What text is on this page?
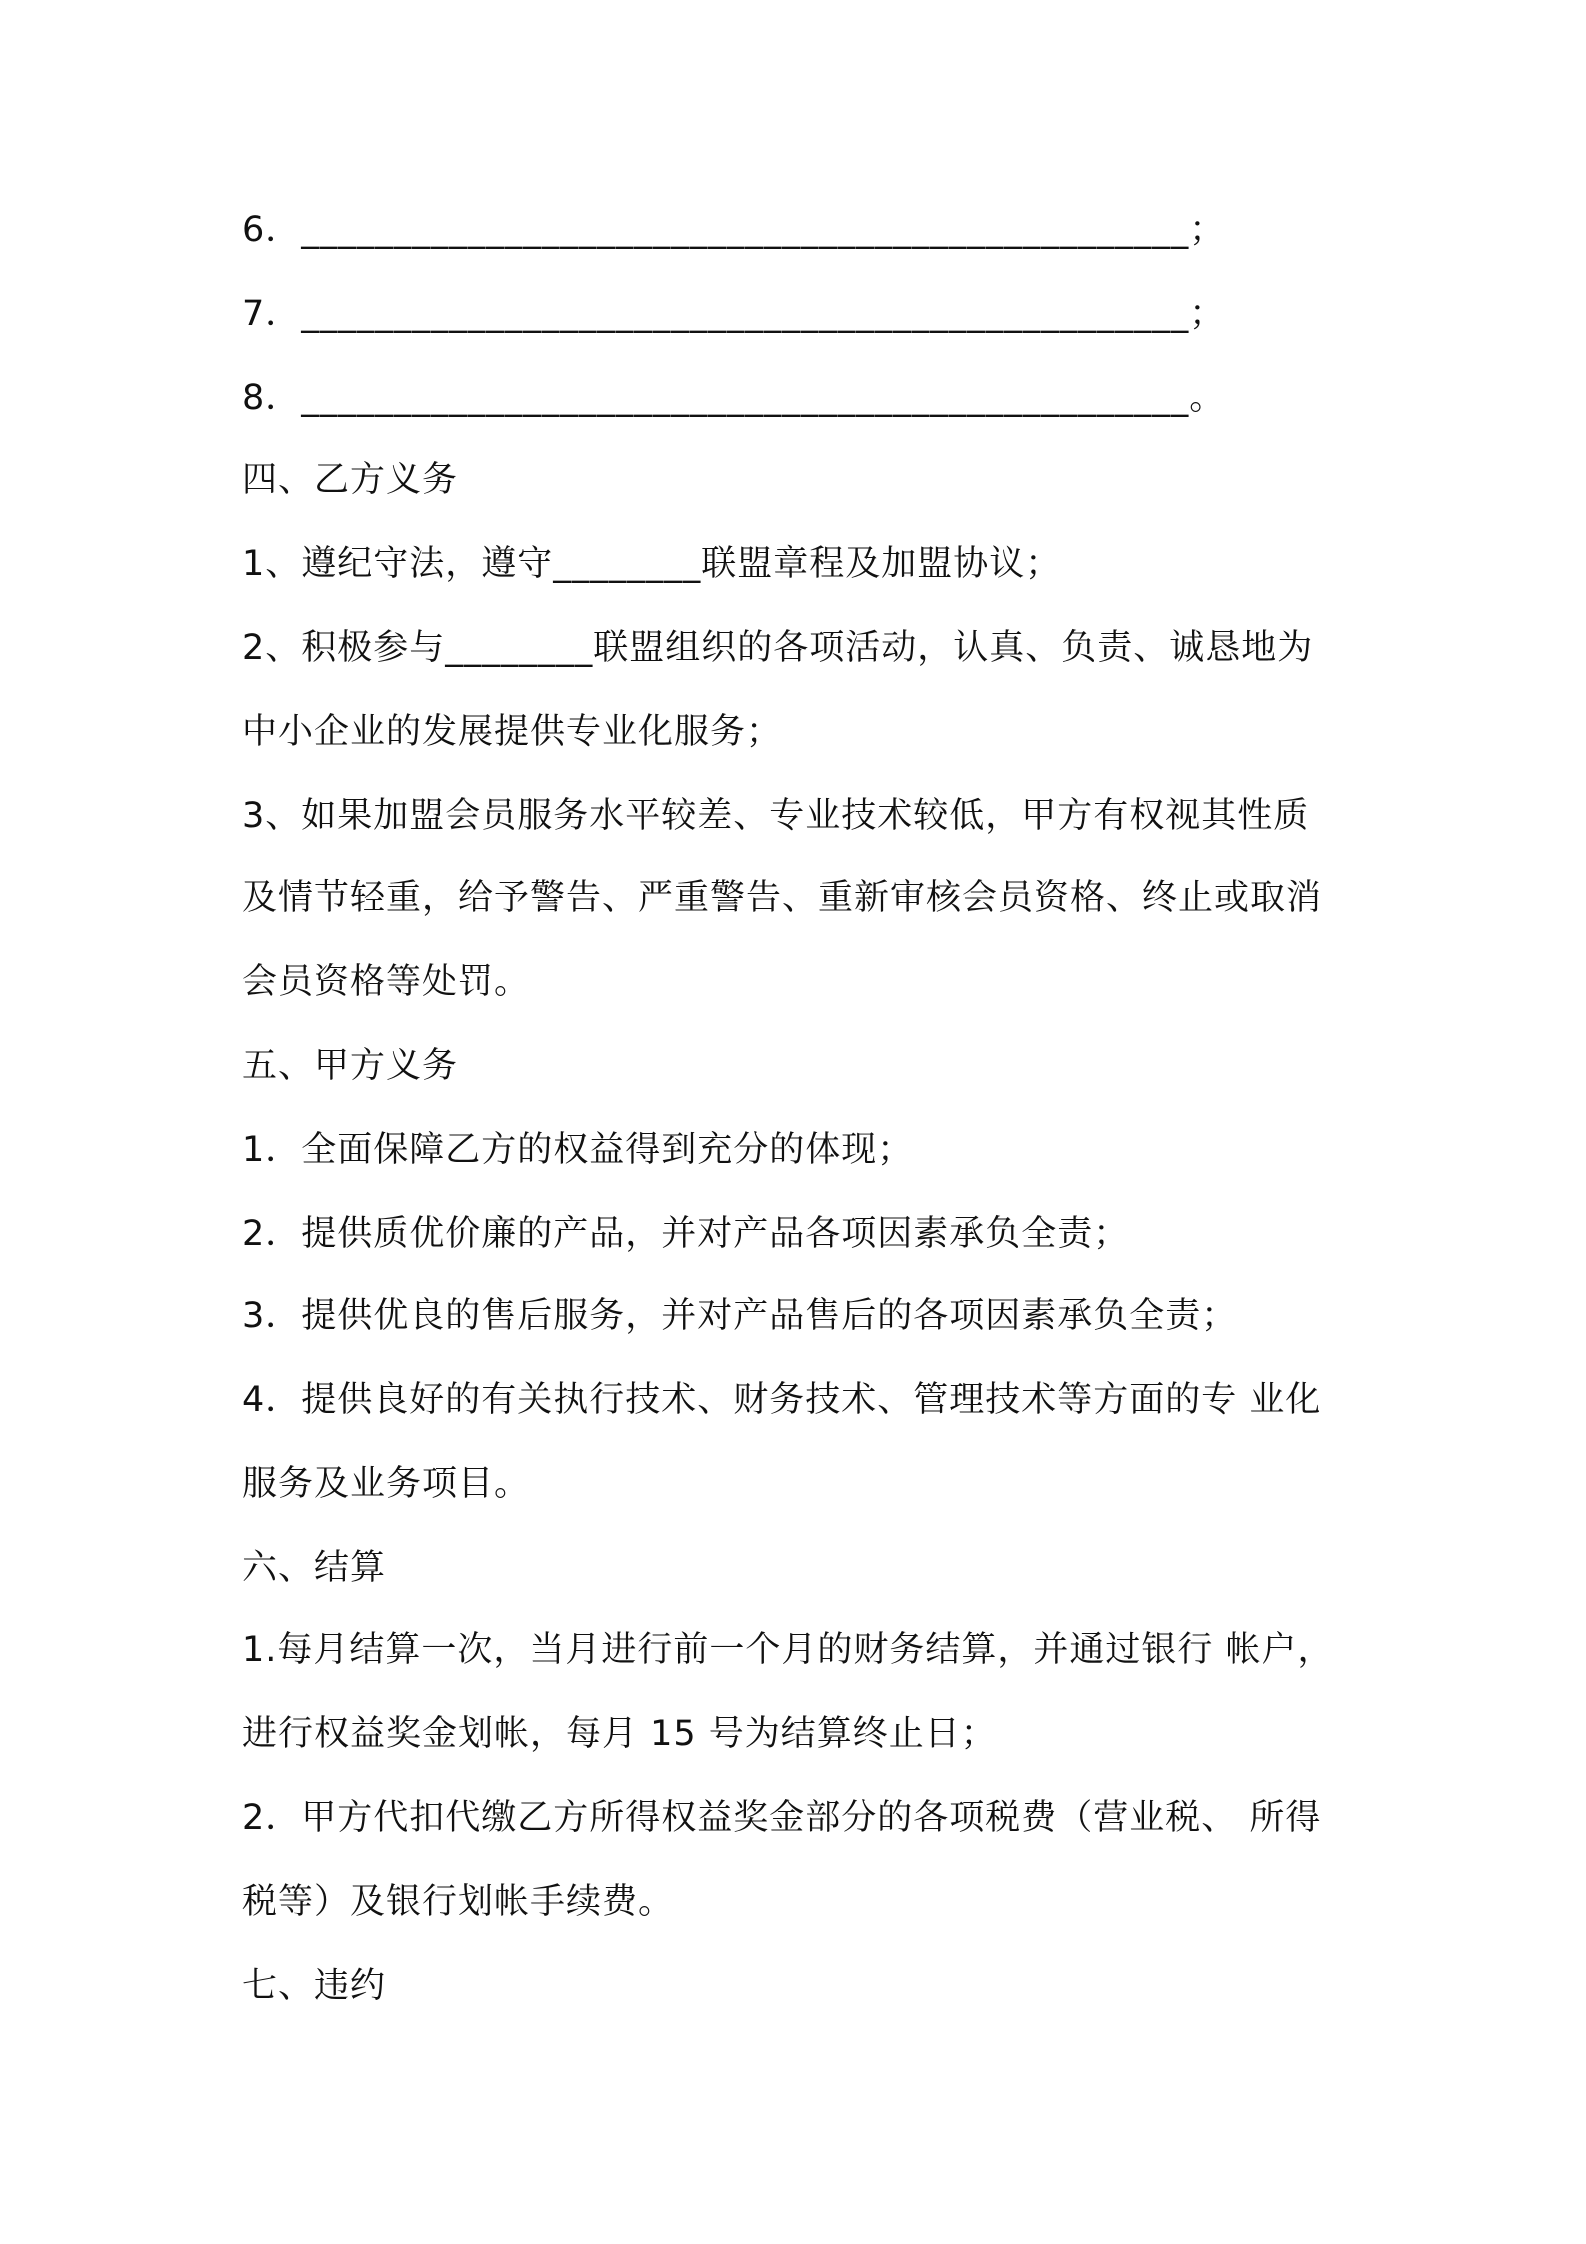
6．________________________________________________；
7．________________________________________________；
8．________________________________________________。
四、乙方义务
1、遵纪守法，遵守________联盟章程及加盟协议；
2、积极参与________联盟组织的各项活动，认真、负责、诚恳地为
中小企业的发展提供专业化服务；
3、如果加盟会员服务水平较差、专业技术较低，甲方有权视其性质
及情节轻重，给予警告、严重警告、重新审核会员资格、终止或取消
会员资格等处罚。
五、甲方义务
1．全面保障乙方的权益得到充分的体现；
2．提供质优价廉的产品，并对产品各项因素承负全责；
3．提供优良的售后服务，并对产品售后的各项因素承负全责；
4．提供良好的有关执行技术、财务技术、管理技术等方面的专 业化
服务及业务项目。
六、结算
1.每月结算一次，当月进行前一个月的财务结算，并通过银行 帐户，
进行权益奖金划帐，每月 15 号为结算终止日；
2．甲方代扣代缴乙方所得权益奖金部分的各项税费（营业税、 所得
税等）及银行划帐手续费。
七、违约
